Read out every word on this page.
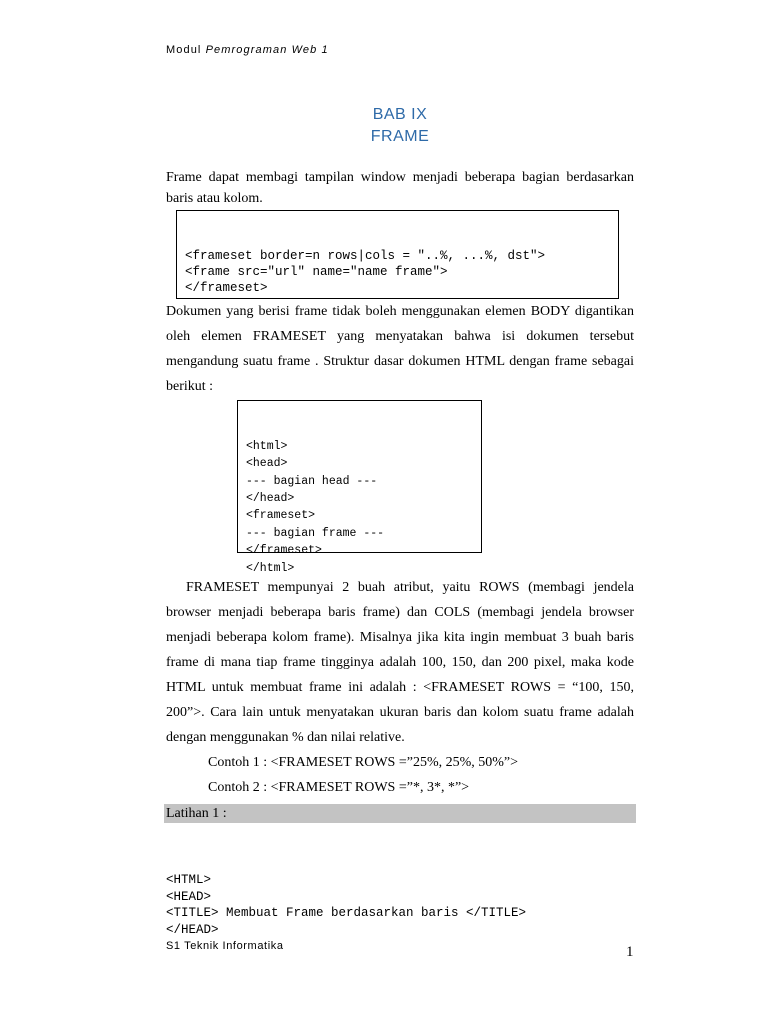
Modul Pemrograman Web 1
BAB IX
FRAME
Frame dapat membagi tampilan window menjadi beberapa bagian berdasarkan baris atau kolom.

<frameset border=n rows|cols = "..%, ...%, dst">
<frame src="url" name="name frame">
</frameset>

Dokumen yang berisi frame tidak boleh menggunakan elemen BODY digantikan oleh elemen FRAMESET yang menyatakan bahwa isi dokumen tersebut mengandung suatu frame . Struktur dasar dokumen HTML dengan frame sebagai berikut :

<html>
<head>
--- bagian head ---
</head>
<frameset>
--- bagian frame ---
</frameset>
</html>

FRAMESET mempunyai 2 buah atribut, yaitu ROWS (membagi jendela browser menjadi beberapa baris frame) dan COLS (membagi jendela browser menjadi beberapa kolom frame). Misalnya jika kita ingin membuat 3 buah baris frame di mana tiap frame tingginya adalah 100, 150, dan 200 pixel, maka kode HTML untuk membuat frame ini adalah : <FRAMESET ROWS = “100, 150, 200”>. Cara lain untuk menyatakan ukuran baris dan kolom suatu frame adalah dengan menggunakan % dan nilai relative.
Contoh 1 : <FRAMESET ROWS =”25%, 25%, 50%”>
Contoh 2 : <FRAMESET ROWS =”*, 3*, *”>
Latihan 1 :

<HTML>
<HEAD>
<TITLE> Membuat Frame berdasarkan baris </TITLE>
</HEAD>

S1 Teknik Informatika	1
